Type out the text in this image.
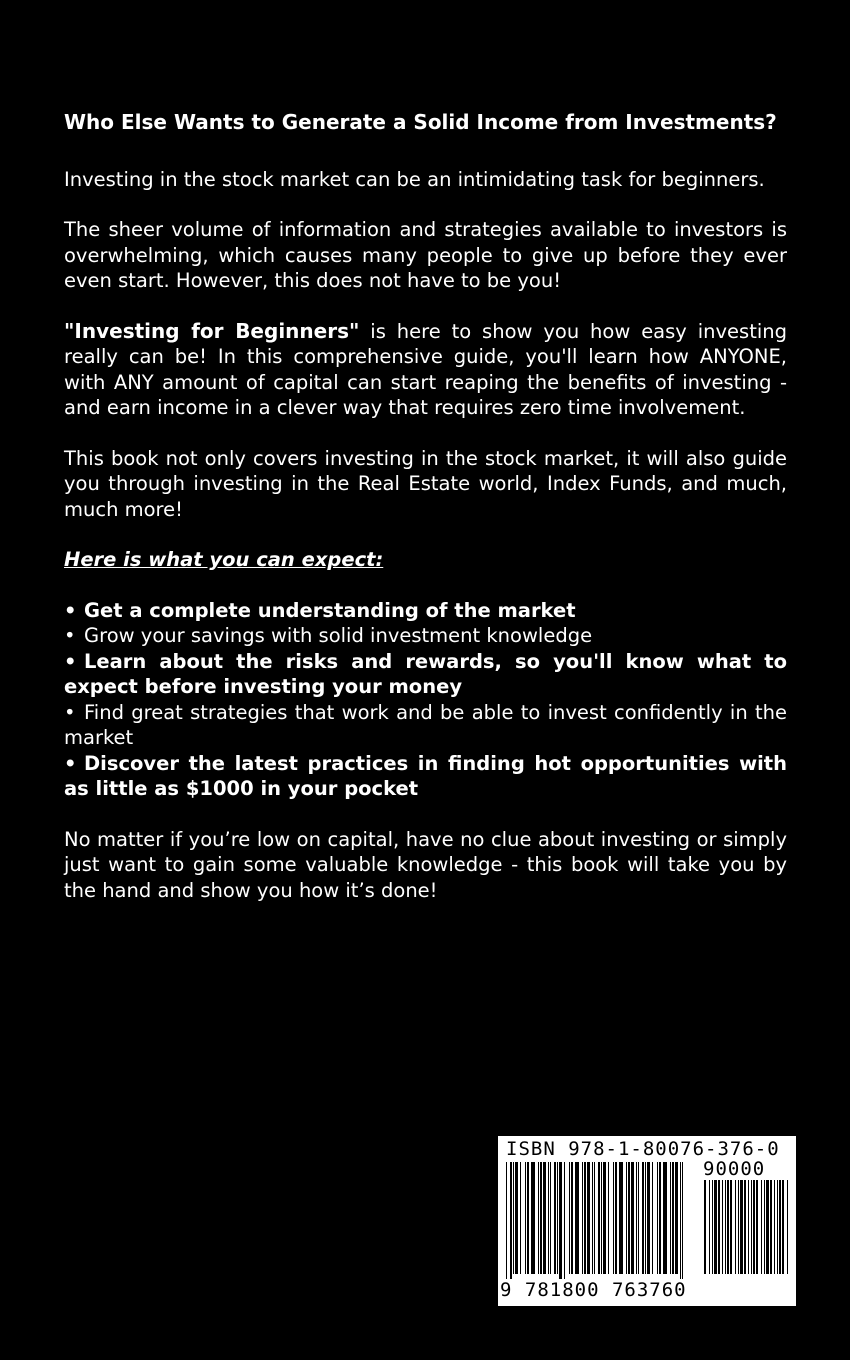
Who Else Wants to Generate a Solid Income from Investments?

Investing in the stock market can be an intimidating task for beginners.

The sheer volume of information and strategies available to investors is overwhelming, which causes many people to give up before they ever even start. However, this does not have to be you!

"Investing for Beginners" is here to show you how easy investing really can be! In this comprehensive guide, you'll learn how ANYONE, with ANY amount of capital can start reaping the benefits of investing - and earn income in a clever way that requires zero time involvement.

This book not only covers investing in the stock market, it will also guide you through investing in the Real Estate world, Index Funds, and much, much more!

Here is what you can expect:

• Get a complete understanding of the market
• Grow your savings with solid investment knowledge
• Learn about the risks and rewards, so you'll know what to expect before investing your money
• Find great strategies that work and be able to invest confidently in the market
• Discover the latest practices in finding hot opportunities with as little as $1000 in your pocket

No matter if you’re low on capital, have no clue about investing or simply just want to gain some valuable knowledge - this book will take you by the hand and show you how it’s done!

ISBN 978-1-80076-376-0
90000
9 781800 763760
